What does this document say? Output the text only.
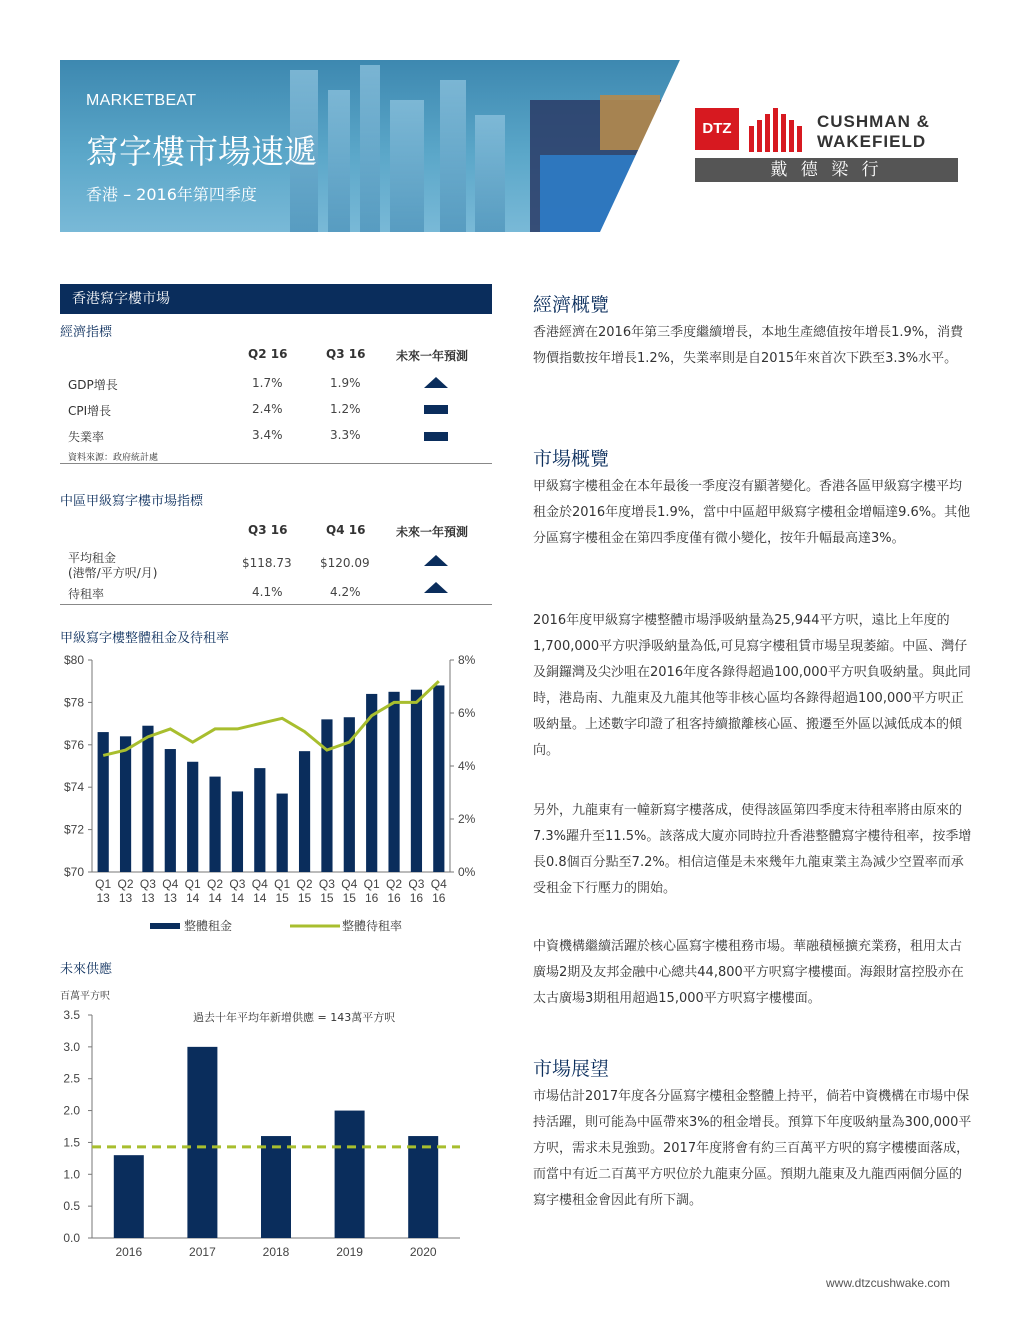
MARKETBEAT
寫字樓市場速遞
香港 – 2016年第四季度
DTZ	CUSHMAN &
WAKEFIELD
戴 德 梁 行
香港寫字樓市場
經濟指標
Q2 16	Q3 16	未來一年預測
GDP增長	1.7%	1.9%
CPI增長	2.4%	1.2%
失業率	3.4%	3.3%
資料來源：政府統計處
中區甲級寫字樓市場指標
Q3 16	Q4 16	未來一年預測
平均租金
(港幣/平方呎/月)
$118.73 $120.09
待租率	4.1%	4.2%
甲級寫字樓整體租金及待租率
$70
$72
$74
$76
$78
$80
0%
2%
4%
6%
8%
Q1
13
Q2
13
Q3
13
Q4
13
Q1
14
Q2
14
Q3
14
Q4
14
Q1
15
Q2
15
Q3
15
Q4
15
Q1
16
Q2
16
Q3
16
Q4
16
整體租金	整體待租率
未來供應
百萬平方呎
0.0
0.5
1.0
1.5
2.0
2.5
3.0
3.5
2016	2017	2018	2019	2020
過去十年平均年新增供應 = 143萬平方呎
經濟概覽
香港經濟在2016年第三季度繼續增長，本地生產總值按年增長1.9%，消費物價指數按年增長1.2%，失業率則是自2015年來首次下跌至3.3%水平。
市場概覽
甲級寫字樓租金在本年最後一季度沒有顯著變化。香港各區甲級寫字樓平均租金於2016年度增長1.9%，當中中區超甲級寫字樓租金增幅達9.6%。其他分區寫字樓租金在第四季度僅有微小變化，按年升幅最高達3%。
2016年度甲級寫字樓整體市場淨吸納量為25,944平方呎，遠比上年度的1,700,000平方呎淨吸納量為低,可見寫字樓租賃市場呈現萎縮。中區、灣仔及銅鑼灣及尖沙咀在2016年度各錄得超過100,000平方呎負吸納量。與此同時，港島南、九龍東及九龍其他等非核心區均各錄得超過100,000平方呎正吸納量。上述數字印證了租客持續撤離核心區、搬遷至外區以減低成本的傾向。
另外，九龍東有一幢新寫字樓落成，使得該區第四季度末待租率將由原來的7.3%躍升至11.5%。該落成大廈亦同時拉升香港整體寫字樓待租率，按季增長0.8個百分點至7.2%。相信這僅是未來幾年九龍東業主為減少空置率而承受租金下行壓力的開始。
中資機構繼續活躍於核心區寫字樓租務市場。華融積極擴充業務，租用太古廣場2期及友邦金融中心總共44,800平方呎寫字樓樓面。海銀財富控股亦在太古廣場3期租用超過15,000平方呎寫字樓樓面。
市場展望
市場估計2017年度各分區寫字樓租金整體上持平，倘若中資機構在市場中保持活躍，則可能為中區帶來3%的租金增長。預算下年度吸納量為300,000平方呎，需求未見強勁。2017年度將會有約三百萬平方呎的寫字樓樓面落成，而當中有近二百萬平方呎位於九龍東分區。預期九龍東及九龍西兩個分區的寫字樓租金會因此有所下調。
www.dtzcushwake.com
